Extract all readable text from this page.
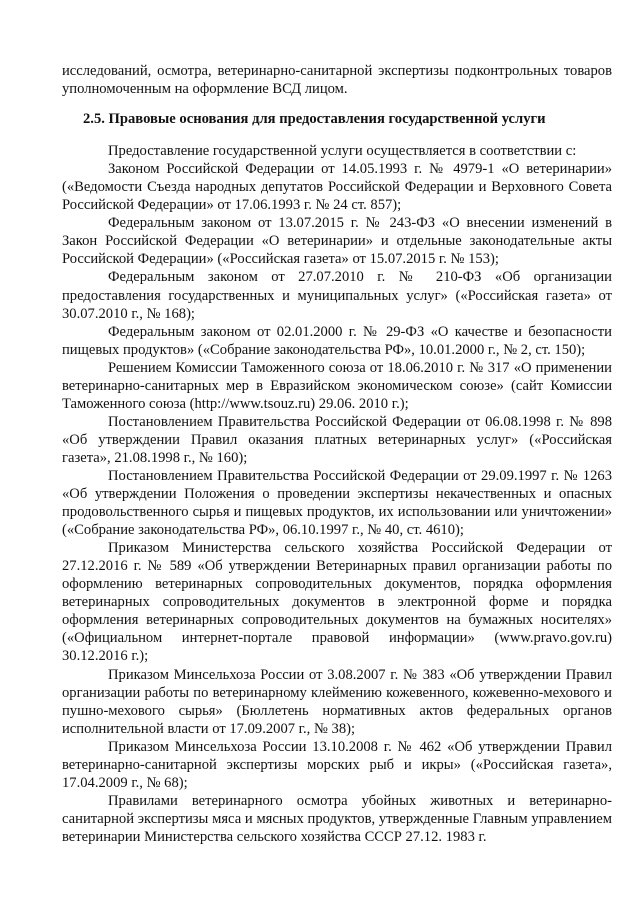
исследований, осмотра, ветеринарно-санитарной экспертизы подконтрольных товаров уполномоченным на оформление ВСД лицом.

2.5. Правовые основания для предоставления государственной услуги

Предоставление государственной услуги осуществляется в соответствии с:

Законом Российской Федерации от 14.05.1993 г. № 4979-1 «О ветеринарии» («Ведомости Съезда народных депутатов Российской Федерации и Верховного Совета Российской Федерации» от 17.06.1993 г. № 24 ст. 857);

Федеральным законом от 13.07.2015 г. № 243-ФЗ «О внесении изменений в Закон Российской Федерации «О ветеринарии» и отдельные законодательные акты Российской Федерации» («Российская газета» от 15.07.2015 г. № 153);

Федеральным законом от 27.07.2010 г. № 210-ФЗ «Об организации предоставления государственных и муниципальных услуг» («Российская газета» от 30.07.2010 г., № 168);

Федеральным законом от 02.01.2000 г. № 29-ФЗ «О качестве и безопасности пищевых продуктов» («Собрание законодательства РФ», 10.01.2000 г., № 2, ст. 150);

Решением Комиссии Таможенного союза от 18.06.2010 г. № 317 «О применении ветеринарно-санитарных мер в Евразийском экономическом союзе» (сайт Комиссии Таможенного союза (http://www.tsouz.ru) 29.06. 2010 г.);

Постановлением Правительства Российской Федерации от 06.08.1998 г. № 898 «Об утверждении Правил оказания платных ветеринарных услуг» («Российская газета», 21.08.1998 г., № 160);

Постановлением Правительства Российской Федерации от 29.09.1997 г. № 1263 «Об утверждении Положения о проведении экспертизы некачественных и опасных продовольственного сырья и пищевых продуктов, их использовании или уничтожении» («Собрание законодательства РФ», 06.10.1997 г., № 40, ст. 4610);

Приказом Министерства сельского хозяйства Российской Федерации от 27.12.2016 г. № 589 «Об утверждении Ветеринарных правил организации работы по оформлению ветеринарных сопроводительных документов, порядка оформления ветеринарных сопроводительных документов в электронной форме и порядка оформления ветеринарных сопроводительных документов на бумажных носителях» («Официальном интернет-портале правовой информации» (www.pravo.gov.ru) 30.12.2016 г.);

Приказом Минсельхоза России от 3.08.2007 г. № 383 «Об утверждении Правил организации работы по ветеринарному клеймению кожевенного, кожевенно-мехового и пушно-мехового сырья» (Бюллетень нормативных актов федеральных органов исполнительной власти от 17.09.2007 г., № 38);

Приказом Минсельхоза России 13.10.2008 г. № 462 «Об утверждении Правил ветеринарно-санитарной экспертизы морских рыб и икры» («Российская газета», 17.04.2009 г., № 68);

Правилами ветеринарного осмотра убойных животных и ветеринарно-санитарной экспертизы мяса и мясных продуктов, утвержденные Главным управлением ветеринарии Министерства сельского хозяйства СССР 27.12. 1983 г.
